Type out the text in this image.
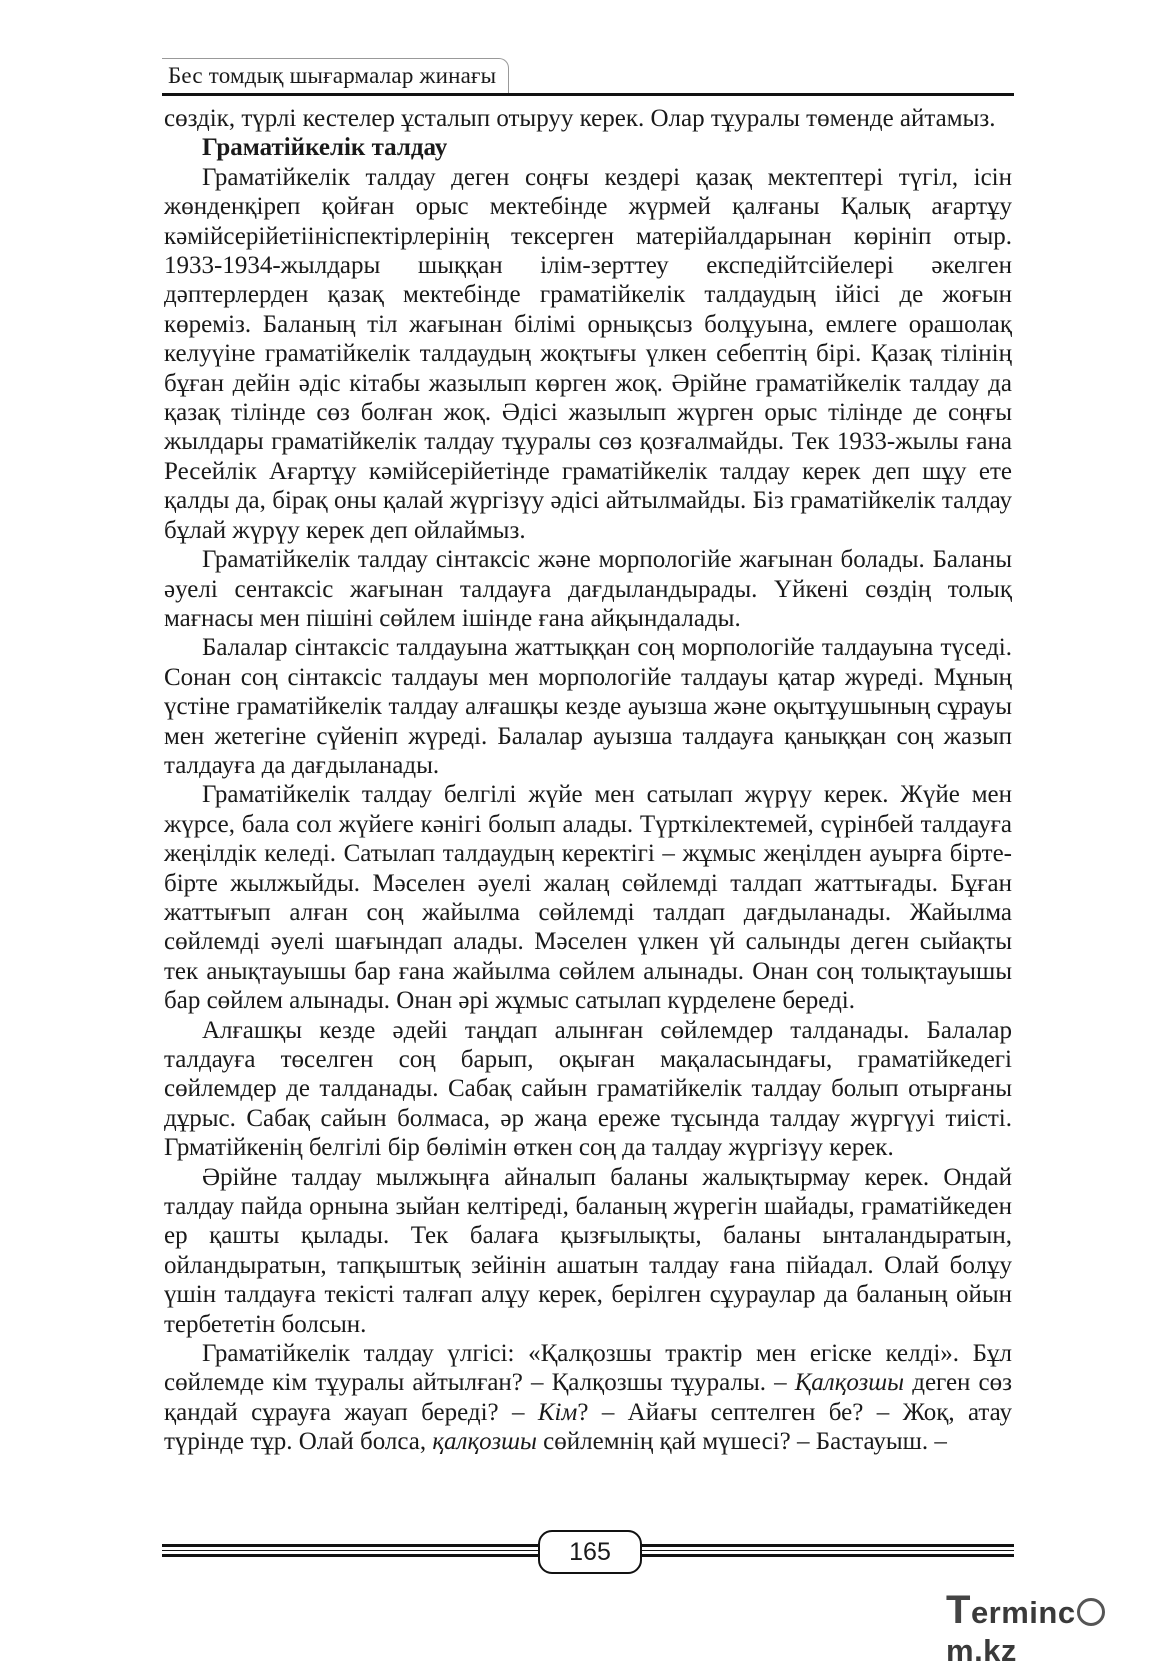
Бес томдық шығармалар жинағы

сөздік, түрлі кестелер ұсталып отыруу керек. Олар тұуралы төменде айтамыз.

Граматійкелік талдау

Граматійкелік талдау деген соңғы кездері қазақ мектептері түгіл, ісін жөнденқіреп қойған орыс мектебінде жүрмей қалғаны Қалық ағартұу кәмійсерійетіініспектірлерінің тексерген матерійалдарынан көрініп отыр. 1933-1934-жылдары шыққан ілім-зерттеу експедійтсійелері әкелген дәптерлерден қазақ мектебінде граматійкелік талдаудың ійісі де жоғын көреміз. Баланың тіл жағынан білімі орнықсыз болұуына, емлеге орашолақ келуүіне граматійкелік талдаудың жоқтығы үлкен себептің бірі. Қазақ тілінің бұған дейін әдіс кітабы жазылып көрген жоқ. Әрійне граматійкелік талдау да қазақ тілінде сөз болған жоқ. Әдісі жазылып жүрген орыс тілінде де соңғы жылдары граматійкелік талдау тұуралы сөз қозғалмайды. Тек 1933-жылы ғана Ресейлік Ағартұу кәмійсерійетінде граматійкелік талдау керек деп шұу ете қалды да, бірақ оны қалай жүргізүу әдісі айтылмайды. Біз граматійкелік талдау бұлай жүрүу керек деп ойлаймыз.

Граматійкелік талдау сінтаксіс және морпологійе жағынан болады. Баланы әуелі сентаксіс жағынан талдауға дағдыландырады. Үйкені сөздің толық мағнасы мен пішіні сөйлем ішінде ғана айқындалады.

Балалар сінтаксіс талдауына жаттыққан соң морпологійе талдауына түседі. Сонан соң сінтаксіс талдауы мен морпологійе талдауы қатар жүреді. Мұның үстіне граматійкелік талдау алғашқы кезде ауызша және оқытұушының сұрауы мен жетегіне сүйеніп жүреді. Балалар ауызша талдауға қаныққан соң жазып талдауға да дағдыланады.

Граматійкелік талдау белгілі жүйе мен сатылап жүрүу керек. Жүйе мен жүрсе, бала сол жүйеге кәнігі болып алады. Түрткілектемей, сүрінбей талдауға жеңілдік келеді. Сатылап талдаудың керектігі – жұмыс жеңілден ауырға бірте-бірте жылжыйды. Мәселен әуелі жалаң сөйлемді талдап жаттығады. Бұған жаттығып алған соң жайылма сөйлемді талдап дағдыланады. Жайылма сөйлемді әуелі шағындап алады. Мәселен үлкен үй салынды деген сыйақты тек анықтауышы бар ғана жайылма сөйлем алынады. Онан соң толықтауышы бар сөйлем алынады. Онан әрі жұмыс сатылап күрделене береді.

Алғашқы кезде әдейі таңдап алынған сөйлемдер талданады. Балалар талдауға төселген соң барып, оқыған мақаласындағы, граматійкедегі сөйлемдер де талданады. Сабақ сайын граматійкелік талдау болып отырғаны дұрыс. Сабақ сайын болмаса, әр жаңа ереже тұсында талдау жүргүуі тиісті. Грматійкенің белгілі бір бөлімін өткен соң да талдау жүргізүу керек.

Әрійне талдау мылжыңға айналып баланы жалықтырмау керек. Ондай талдау пайда орнына зыйан келтіреді, баланың жүрегін шайады, граматійкеден ер қашты қылады. Тек балаға қызғылықты, баланы ынталандыратын, ойландыратын, тапқыштық зейінін ашатын талдау ғана пійадал. Олай болұу үшін талдауға текісті талғап алұу керек, берілген сұураулар да баланың ойын тербететін болсын.

Граматійкелік талдау үлгісі: «Қалқозшы трактір мен егіске келді». Бұл сөйлемде кім тұуралы айтылған? – Қалқозшы тұуралы. – Қалқозшы деген сөз қандай сұрауға жауап береді? – Кім? – Айағы септелген бе? – Жоқ, атау түрінде тұр. Олай болса, қалқозшы сөйлемнің қай мүшесі? – Бастауыш. –

165
Termincm.kz
